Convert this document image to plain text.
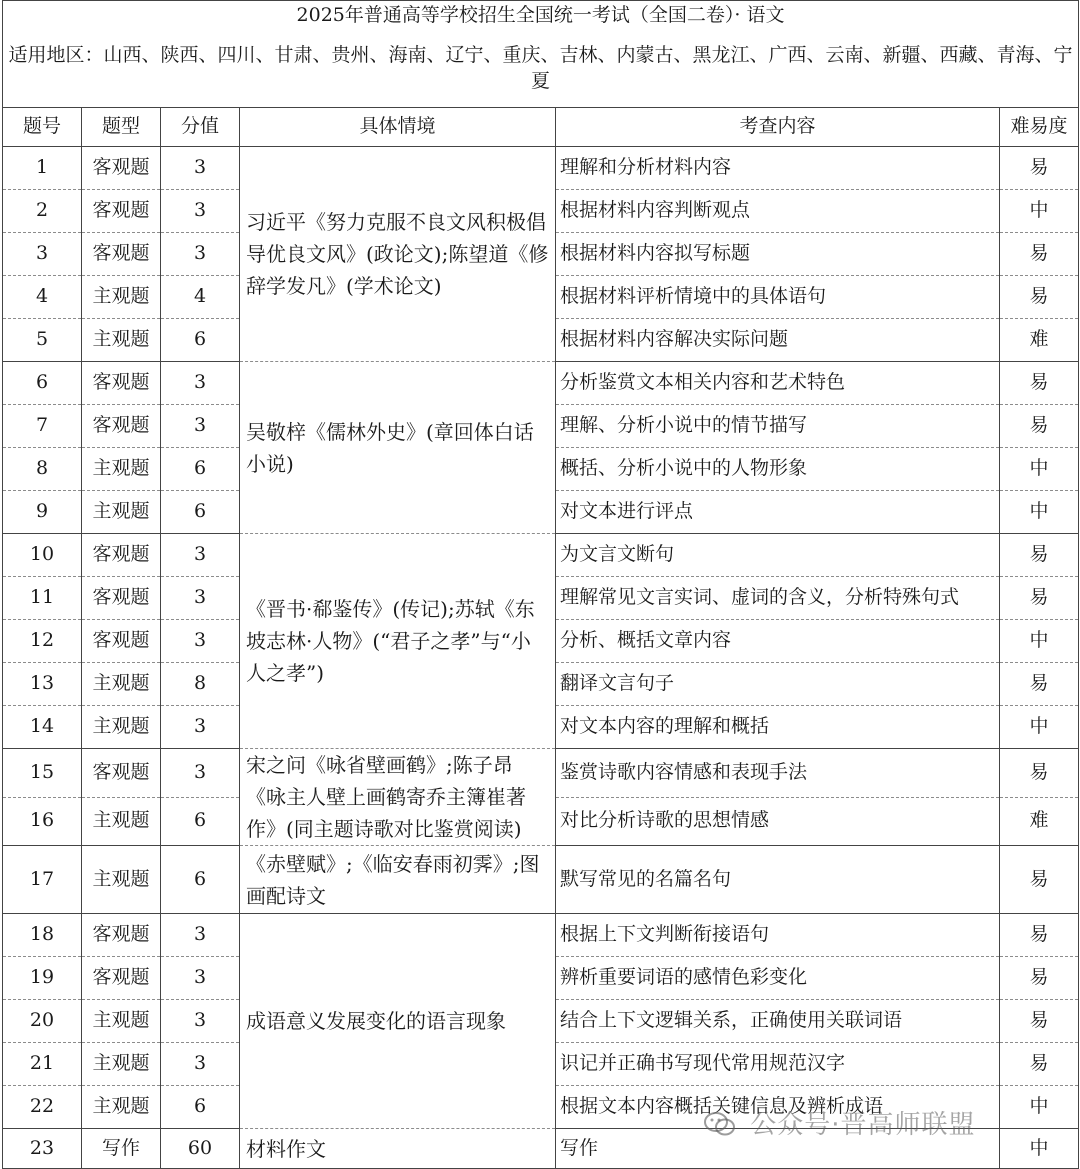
2025年普通高等学校招生全国统一考试（全国二卷）· 语文					
适用地区：山西、陕西、四川、甘肃、贵州、海南、辽宁、重庆、吉林、内蒙古、黑龙江、广西、云南、新疆、西藏、青海、宁夏					
题号	题型	分值	具体情境	考查内容	难易度
1	客观题	3	习近平《努力克服不良文风积极倡导优良文风》(政论文);陈望道《修辞学发凡》(学术论文)	理解和分析材料内容	易
2	客观题	3		根据材料内容判断观点	中
3	客观题	3		根据材料内容拟写标题	易
4	主观题	4		根据材料评析情境中的具体语句	易
5	主观题	6		根据材料内容解决实际问题	难
6	客观题	3	吴敬梓《儒林外史》(章回体白话小说)	分析鉴赏文本相关内容和艺术特色	易
7	客观题	3		理解、分析小说中的情节描写	易
8	主观题	6		概括、分析小说中的人物形象	中
9	主观题	6		对文本进行评点	中
10	客观题	3	《晋书·郗鉴传》(传记);苏轼《东坡志林·人物》(“君子之孝”与“小人之孝”)	为文言文断句	易
11	客观题	3		理解常见文言实词、虚词的含义，分析特殊句式	易
12	客观题	3		分析、概括文章内容	中
13	主观题	8		翻译文言句子	易
14	主观题	3		对文本内容的理解和概括	中
15	客观题	3	宋之问《咏省壁画鹤》;陈子昂《咏主人壁上画鹤寄乔主簿崔著作》(同主题诗歌对比鉴赏阅读)	鉴赏诗歌内容情感和表现手法	易
16	主观题	6		对比分析诗歌的思想情感	难
17	主观题	6	《赤壁赋》;《临安春雨初霁》;图画配诗文	默写常见的名篇名句	易
18	客观题	3	成语意义发展变化的语言现象	根据上下文判断衔接语句	易
19	客观题	3		辨析重要词语的感情色彩变化	易
20	主观题	3		结合上下文逻辑关系，正确使用关联词语	易
21	主观题	3		识记并正确书写现代常用规范汉字	易
22	主观题	6		根据文本内容概括关键信息及辨析成语	中
23	写作	60	材料作文	写作	中
公众号·晋高师联盟
